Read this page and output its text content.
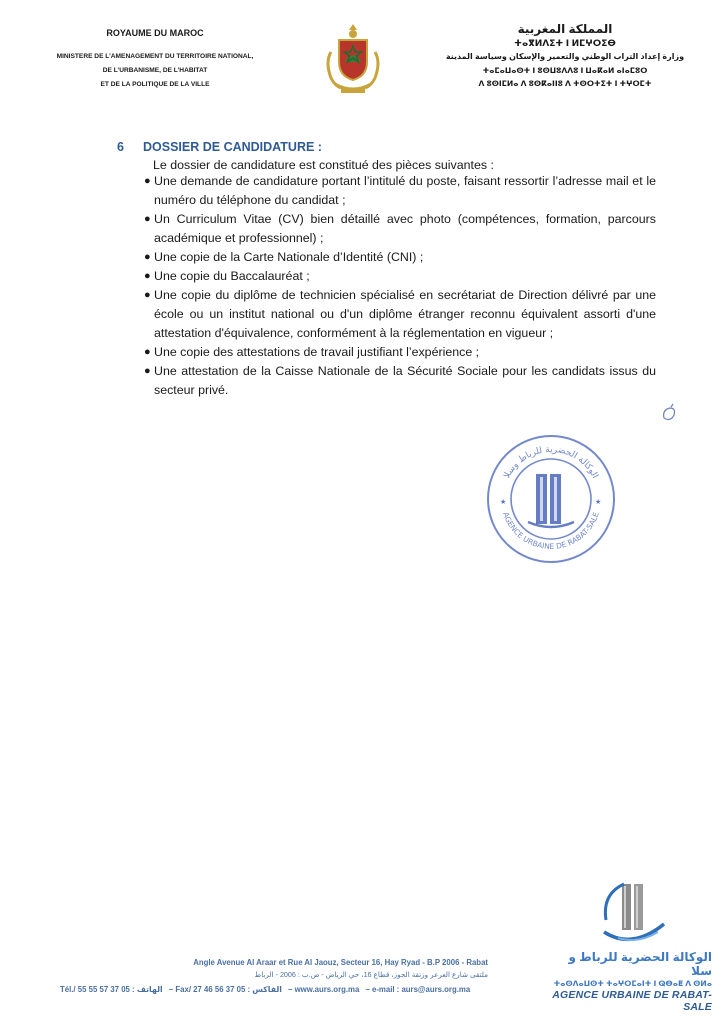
ROYAUME DU MAROC
MINISTERE DE L’AMENAGEMENT DU TERRITOIRE NATIONAL,
DE L’URBANISME, DE L’HABITAT
ET DE LA POLITIQUE DE LA VILLE
المملكة المغربية
ⵜⴰⴳⵍⴷⵉⵜ ⵏ ⵍⵎⵖⵔⵉⴱ
وزارة إعداد التراب الوطني والتعمير والإسكان وسياسة المدينة
ⵜⴰⵎⴰⵡⴰⵙⵜ ⵏ ⵓⵙⵡⵓⴷⴷⵓ ⵏ ⵡⴰⴽⴰⵍ ⴰⵏⴰⵎⵓⵔ
ⴷ ⵓⵙⵏⵎⵍⴰ ⴷ ⵓⵙⴽⴰⵏⵏⵓ ⴷ ⵜⵙⵔⵜⵉⵜ ⵏ ⵜⵖⵔⵎⵜ
6 DOSSIER DE CANDIDATURE :
Le dossier de candidature est constitué des pièces suivantes :
● Une demande de candidature portant l’intitulé du poste, faisant ressortir l’adresse mail et le numéro du téléphone du candidat ;
● Un Curriculum Vitae (CV) bien détaillé avec photo (compétences, formation, parcours académique et professionnel) ;
● Une copie de la Carte Nationale d’Identité (CNI) ;
● Une copie du Baccalauréat ;
● Une copie du diplôme de technicien spécialisé en secrétariat de Direction délivré par une école ou un institut national ou d'un diplôme étranger reconnu équivalent assorti d'une attestation d'équivalence, conformément à la réglementation en vigueur ;
● Une copie des attestations de travail justifiant l’expérience ;
● Une attestation de la Caisse Nationale de la Sécurité Sociale pour les candidats issus du secteur privé.
الوكالة الحضرية للرباط وسلا
AGENCE URBAINE DE RABAT-SALE
★	★
Angle Avenue Al Araar et Rue Al Jaouz, Secteur 16, Hay Ryad - B.P 2006 - Rabat
ملتقى شارع العرعر وزنقة الجوز، قطاع 16، حي الرياض - ص.ب : 2006 - الرباط
Tél./ الهاتف : 05 37 57 55 55 – Fax/ الفاكس : 05 37 56 46 27 – www.aurs.org.ma – e-mail : aurs@aurs.org.ma
الوكالة الحضرية للرباط و سلا
ⵜⴰⵙⴷⴰⵡⵙⵜ ⵜⴰⵖⵔⵎⴰⵏⵜ ⵏ ⵕⴱⴰⵟ ⴷ ⵙⵍⴰ
AGENCE URBAINE DE RABAT-SALE
